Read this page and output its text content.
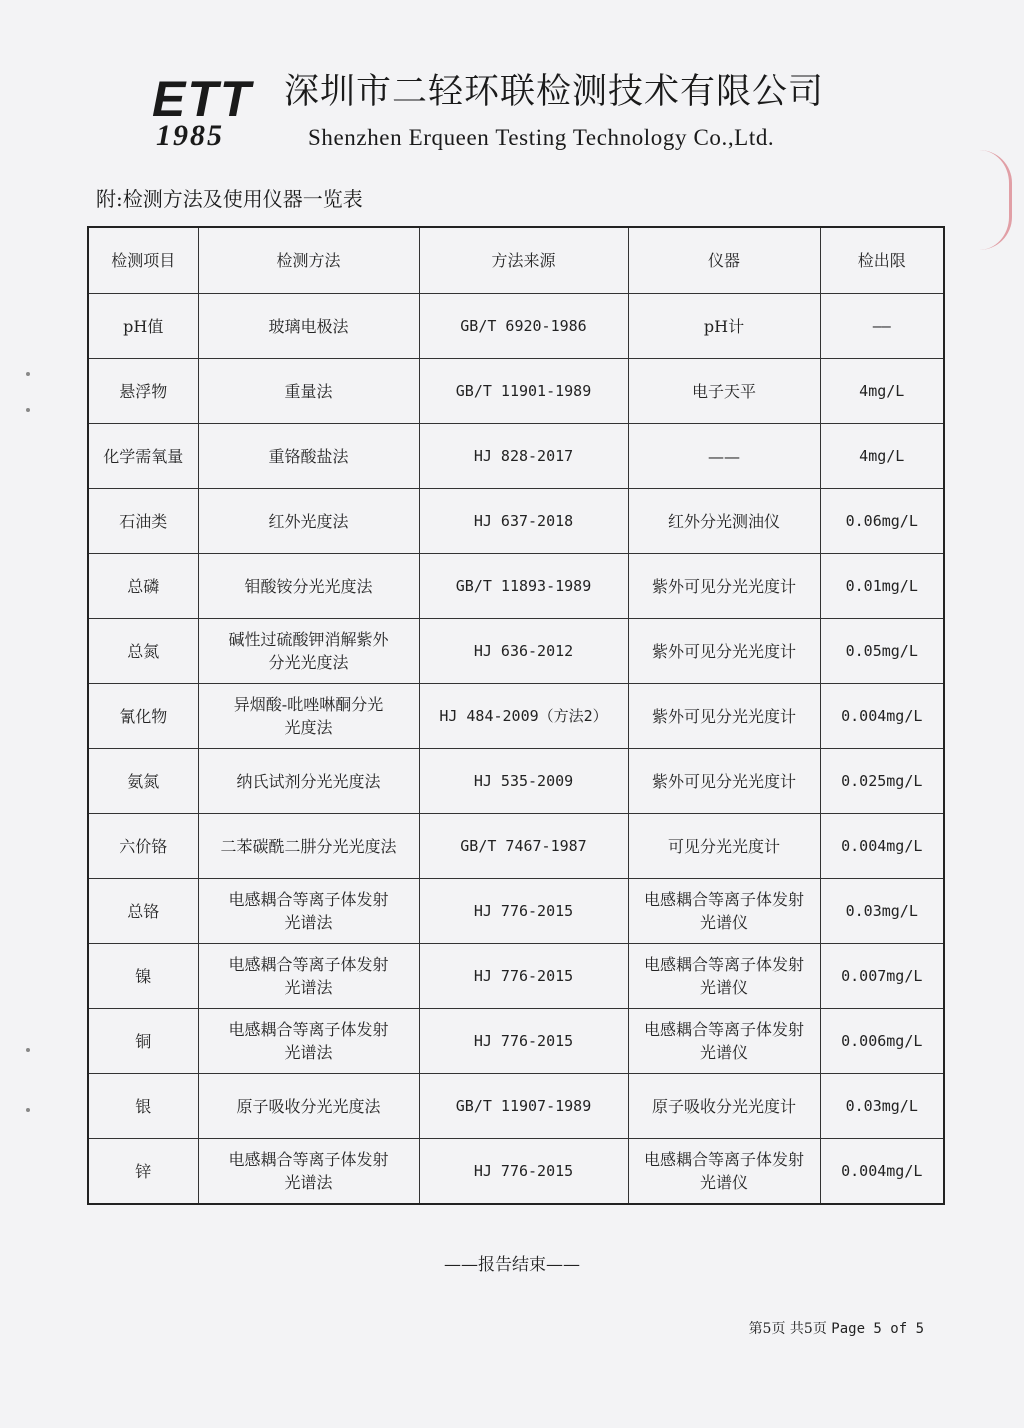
ETT
1985
深圳市二轻环联检测技术有限公司
Shenzhen Erqueen Testing Technology Co.,Ltd.
附:检测方法及使用仪器一览表
检测项目	检测方法	方法来源	仪器	检出限
pH值	玻璃电极法	GB/T 6920-1986	pH计	——
悬浮物	重量法	GB/T 11901-1989	电子天平	4mg/L
化学需氧量	重铬酸盐法	HJ 828-2017	——	4mg/L
石油类	红外光度法	HJ 637-2018	红外分光测油仪	0.06mg/L
总磷	钼酸铵分光光度法	GB/T 11893-1989	紫外可见分光光度计	0.01mg/L
总氮	碱性过硫酸钾消解紫外分光光度法	HJ 636-2012	紫外可见分光光度计	0.05mg/L
氰化物	异烟酸-吡唑啉酮分光光度法	HJ 484-2009（方法2）	紫外可见分光光度计	0.004mg/L
氨氮	纳氏试剂分光光度法	HJ 535-2009	紫外可见分光光度计	0.025mg/L
六价铬	二苯碳酰二肼分光光度法	GB/T 7467-1987	可见分光光度计	0.004mg/L
总铬	电感耦合等离子体发射光谱法	HJ 776-2015	电感耦合等离子体发射光谱仪	0.03mg/L
镍	电感耦合等离子体发射光谱法	HJ 776-2015	电感耦合等离子体发射光谱仪	0.007mg/L
铜	电感耦合等离子体发射光谱法	HJ 776-2015	电感耦合等离子体发射光谱仪	0.006mg/L
银	原子吸收分光光度法	GB/T 11907-1989	原子吸收分光光度计	0.03mg/L
锌	电感耦合等离子体发射光谱法	HJ 776-2015	电感耦合等离子体发射光谱仪	0.004mg/L
——报告结束——
第5页 共5页 Page 5 of 5
